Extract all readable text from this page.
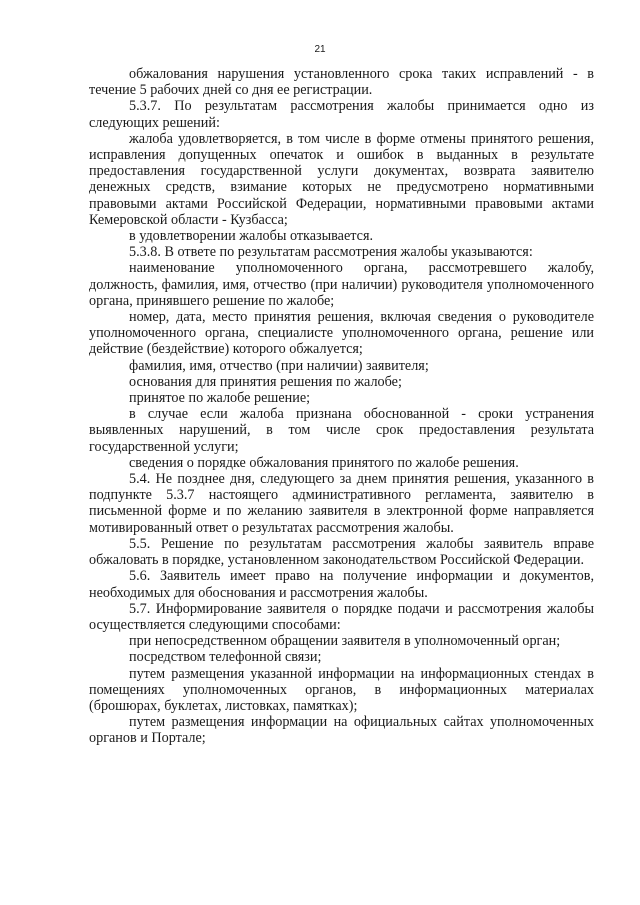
21

обжалования нарушения установленного срока таких исправлений - в течение 5 рабочих дней со дня ее регистрации.

5.3.7. По результатам рассмотрения жалобы принимается одно из следующих решений:

жалоба удовлетворяется, в том числе в форме отмены принятого решения, исправления допущенных опечаток и ошибок в выданных в результате предоставления государственной услуги документах, возврата заявителю денежных средств, взимание которых не предусмотрено нормативными правовыми актами Российской Федерации, нормативными правовыми актами Кемеровской области - Кузбасса;

в удовлетворении жалобы отказывается.

5.3.8. В ответе по результатам рассмотрения жалобы указываются:

наименование уполномоченного органа, рассмотревшего жалобу, должность, фамилия, имя, отчество (при наличии) руководителя уполномоченного органа, принявшего решение по жалобе;

номер, дата, место принятия решения, включая сведения о руководителе уполномоченного органа, специалисте уполномоченного органа, решение или действие (бездействие) которого обжалуется;

фамилия, имя, отчество (при наличии) заявителя;

основания для принятия решения по жалобе;

принятое по жалобе решение;

в случае если жалоба признана обоснованной - сроки устранения выявленных нарушений, в том числе срок предоставления результата государственной услуги;

сведения о порядке обжалования принятого по жалобе решения.

5.4. Не позднее дня, следующего за днем принятия решения, указанного в подпункте 5.3.7 настоящего административного регламента, заявителю в письменной форме и по желанию заявителя в электронной форме направляется мотивированный ответ о результатах рассмотрения жалобы.

5.5. Решение по результатам рассмотрения жалобы заявитель вправе обжаловать в порядке, установленном законодательством Российской Федерации.

5.6. Заявитель имеет право на получение информации и документов, необходимых для обоснования и рассмотрения жалобы.

5.7. Информирование заявителя о порядке подачи и рассмотрения жалобы осуществляется следующими способами:

при непосредственном обращении заявителя в уполномоченный орган;

посредством телефонной связи;

путем размещения указанной информации на информационных стендах в помещениях уполномоченных органов, в информационных материалах (брошюрах, буклетах, листовках, памятках);

путем размещения информации на официальных сайтах уполномоченных органов и Портале;
